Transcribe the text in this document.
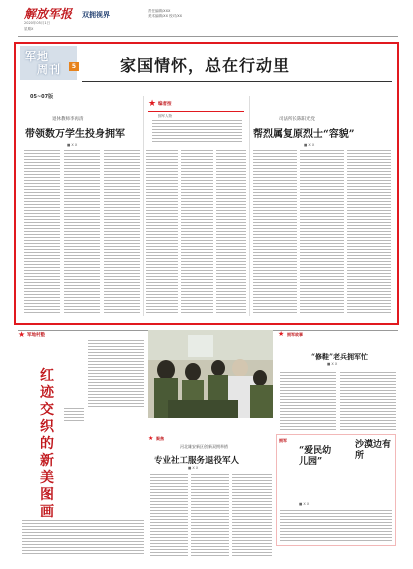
解放军报
2020年05月1日
星期X
双拥视界	责任编辑/XXX
美术编辑/XX 校对/XX
军地
周刊	5	家国情怀，总在行动里
05~07版
退休教师李再清
带领数万学生投身拥军
■ X X
★ 编者按
拥军人物
司法所长陈阳光党
帮烈属复原烈士“容貌”
■ X X
★ 军地村塾
红迹交织的新美图画
★ 聚焦
河北雄安新区创新双拥举措
专业社工服务退役军人
■ X X
★ 拥军故事
“修鞋”老兵拥军忙
■ X X
拥军	沙漠边有所
“爱民幼儿园”
■ X X
